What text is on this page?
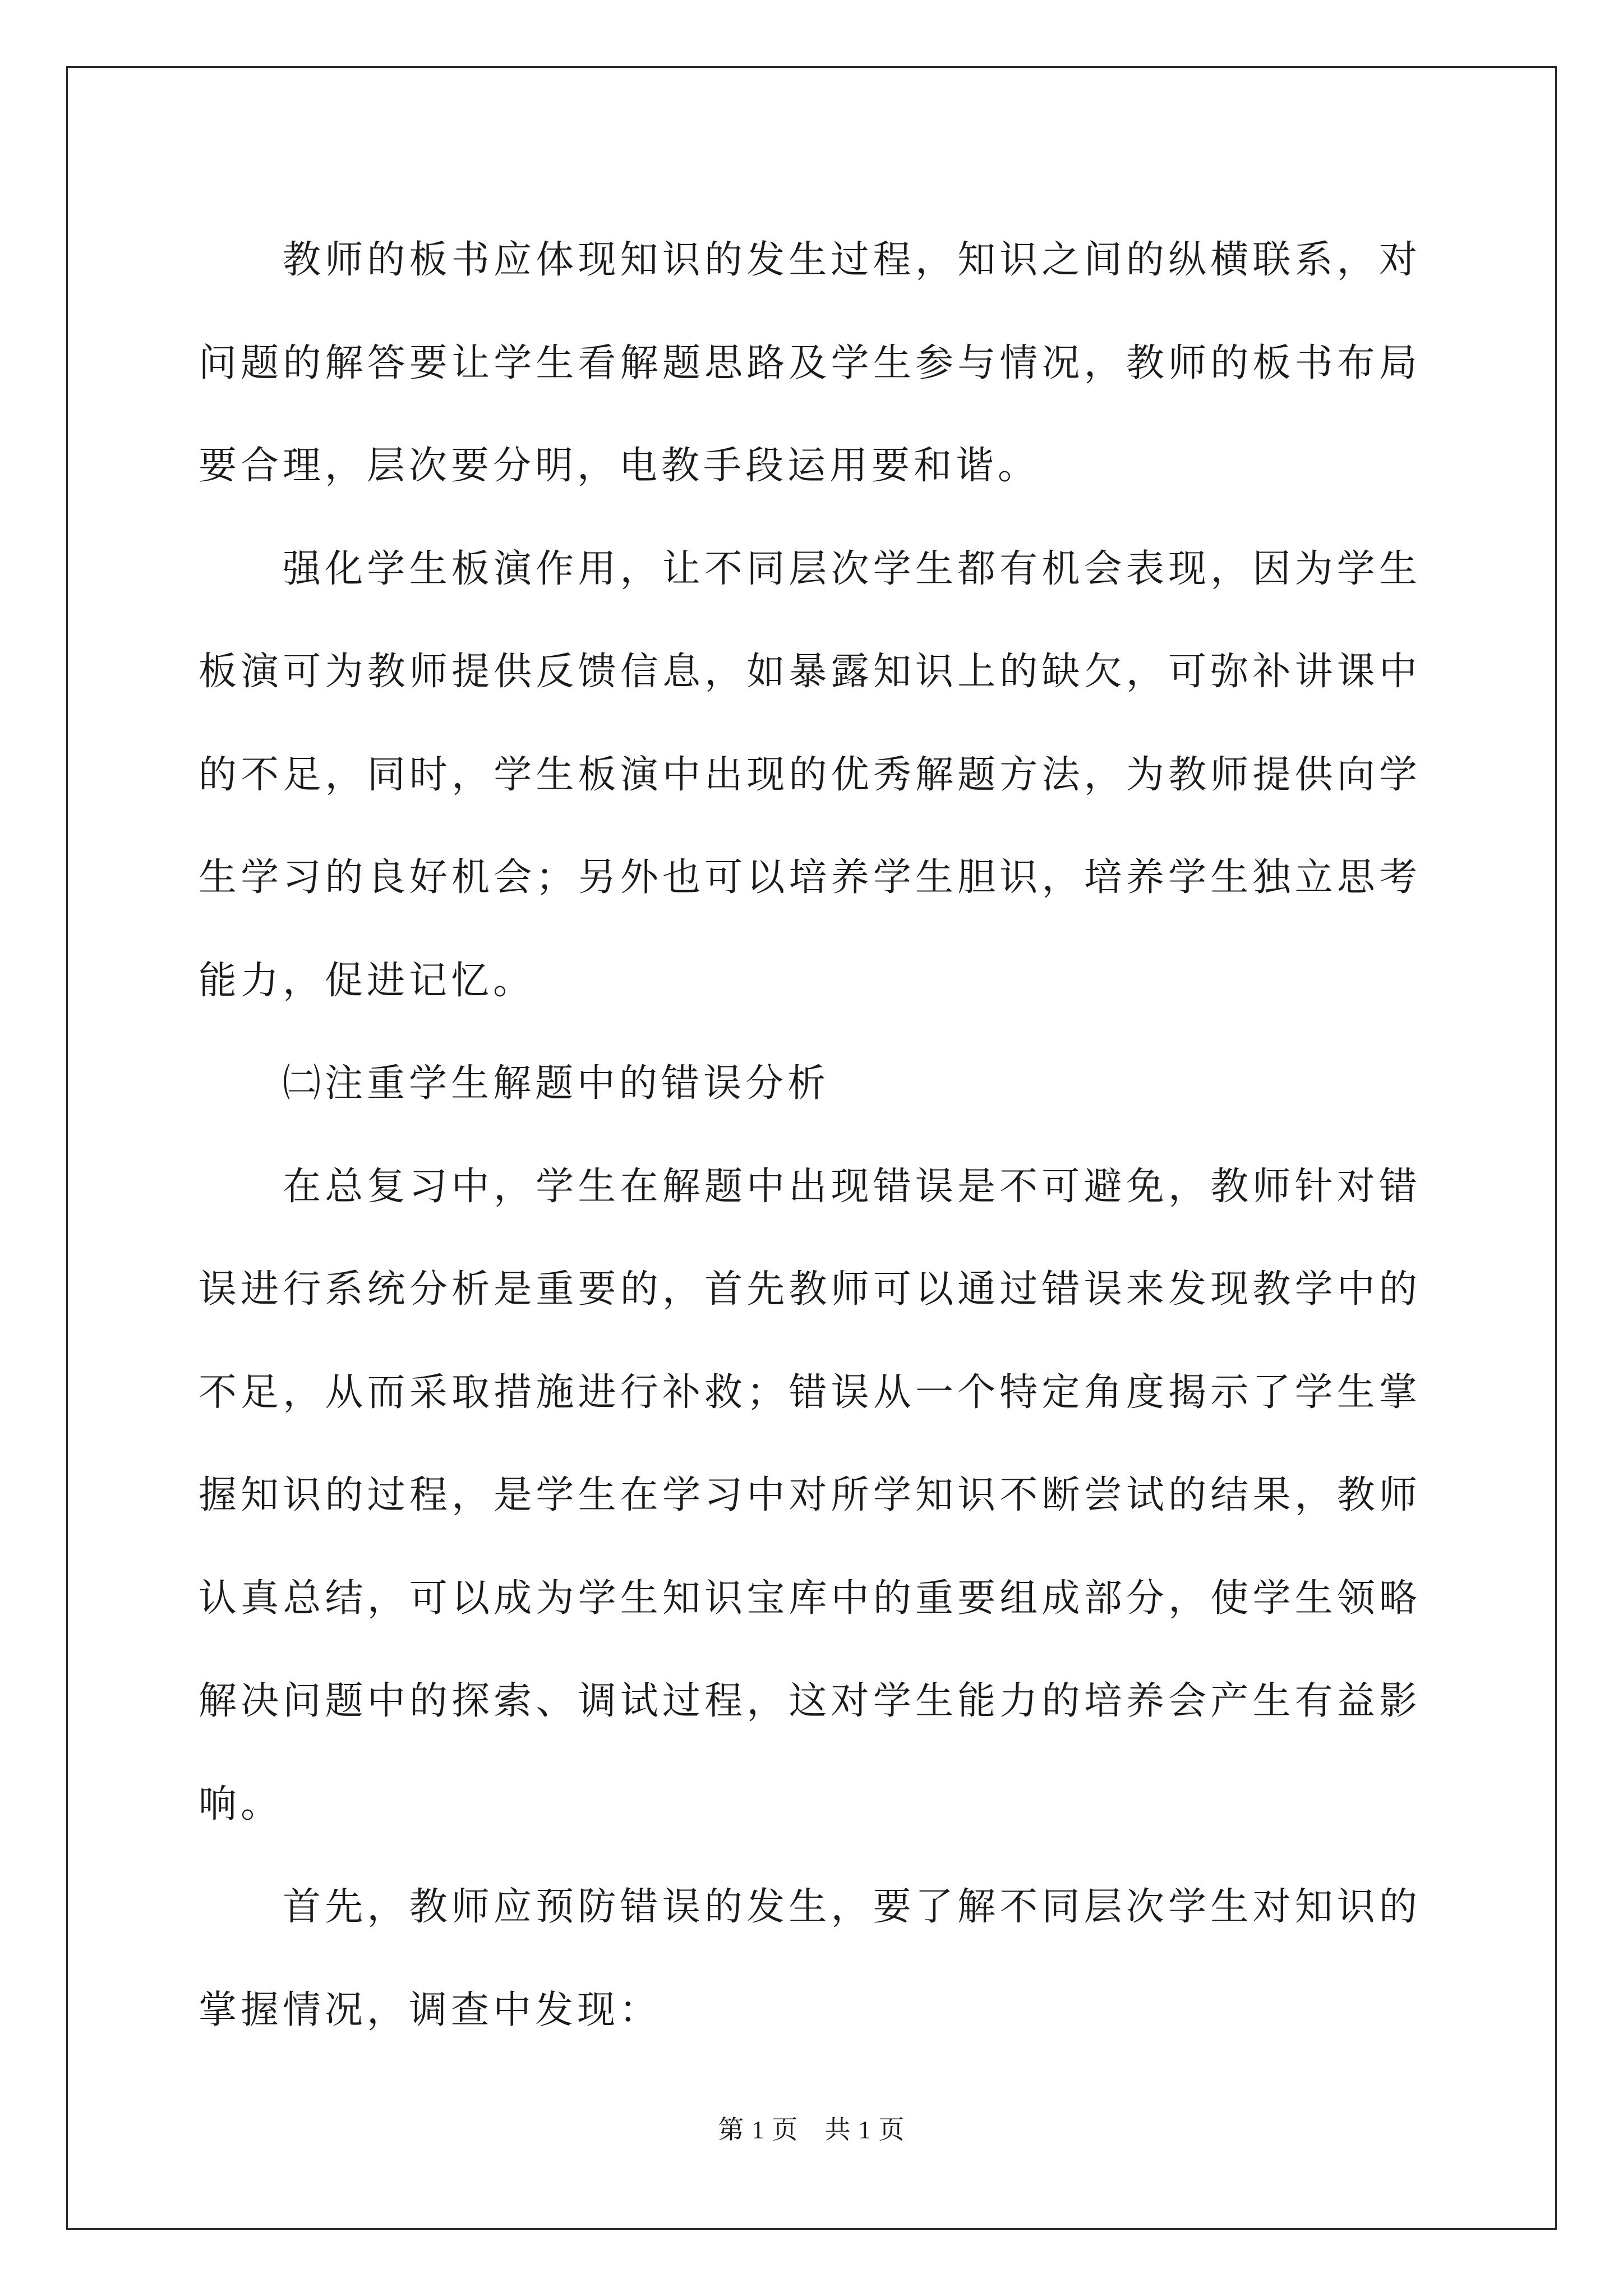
教师的板书应体现知识的发生过程，知识之间的纵横联系，对问题的解答要让学生看解题思路及学生参与情况，教师的板书布局要合理，层次要分明，电教手段运用要和谐。

强化学生板演作用，让不同层次学生都有机会表现，因为学生板演可为教师提供反馈信息，如暴露知识上的缺欠，可弥补讲课中的不足，同时，学生板演中出现的优秀解题方法，为教师提供向学生学习的良好机会；另外也可以培养学生胆识，培养学生独立思考能力，促进记忆。

㈡注重学生解题中的错误分析

在总复习中，学生在解题中出现错误是不可避免，教师针对错误进行系统分析是重要的，首先教师可以通过错误来发现教学中的不足，从而采取措施进行补救；错误从一个特定角度揭示了学生掌握知识的过程，是学生在学习中对所学知识不断尝试的结果，教师认真总结，可以成为学生知识宝库中的重要组成部分，使学生领略解决问题中的探索、调试过程，这对学生能力的培养会产生有益影响。

首先，教师应预防错误的发生，要了解不同层次学生对知识的掌握情况，调查中发现：

第 1 页　共 1 页
